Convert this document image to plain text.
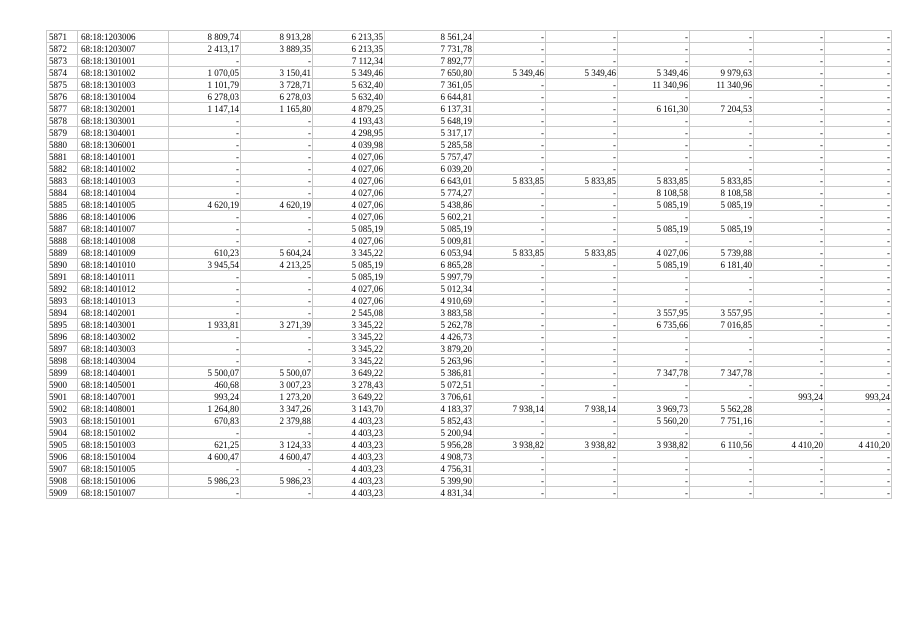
5871	68:18:1203006	8 809,74	8 913,28	6 213,35	8 561,24	-	-	-	-	-	-
5872	68:18:1203007	2 413,17	3 889,35	6 213,35	7 731,78	-	-	-	-	-	-
5873	68:18:1301001	-	-	7 112,34	7 892,77	-	-	-	-	-	-
5874	68:18:1301002	1 070,05	3 150,41	5 349,46	7 650,80	5 349,46	5 349,46	5 349,46	9 979,63	-	-
5875	68:18:1301003	1 101,79	3 728,71	5 632,40	7 361,05	-	-	11 340,96	11 340,96	-	-
5876	68:18:1301004	6 278,03	6 278,03	5 632,40	6 644,81	-	-	-	-	-	-
5877	68:18:1302001	1 147,14	1 165,80	4 879,25	6 137,31	-	-	6 161,30	7 204,53	-	-
5878	68:18:1303001	-	-	4 193,43	5 648,19	-	-	-	-	-	-
5879	68:18:1304001	-	-	4 298,95	5 317,17	-	-	-	-	-	-
5880	68:18:1306001	-	-	4 039,98	5 285,58	-	-	-	-	-	-
5881	68:18:1401001	-	-	4 027,06	5 757,47	-	-	-	-	-	-
5882	68:18:1401002	-	-	4 027,06	6 039,20	-	-	-	-	-	-
5883	68:18:1401003	-	-	4 027,06	6 643,01	5 833,85	5 833,85	5 833,85	5 833,85	-	-
5884	68:18:1401004	-	-	4 027,06	5 774,27	-	-	8 108,58	8 108,58	-	-
5885	68:18:1401005	4 620,19	4 620,19	4 027,06	5 438,86	-	-	5 085,19	5 085,19	-	-
5886	68:18:1401006	-	-	4 027,06	5 602,21	-	-	-	-	-	-
5887	68:18:1401007	-	-	5 085,19	5 085,19	-	-	5 085,19	5 085,19	-	-
5888	68:18:1401008	-	-	4 027,06	5 009,81	-	-	-	-	-	-
5889	68:18:1401009	610,23	5 604,24	3 345,22	6 053,94	5 833,85	5 833,85	4 027,06	5 739,88	-	-
5890	68:18:1401010	3 945,54	4 213,25	5 085,19	6 865,28	-	-	5 085,19	6 181,40	-	-
5891	68:18:1401011	-	-	5 085,19	5 997,79	-	-	-	-	-	-
5892	68:18:1401012	-	-	4 027,06	5 012,34	-	-	-	-	-	-
5893	68:18:1401013	-	-	4 027,06	4 910,69	-	-	-	-	-	-
5894	68:18:1402001	-	-	2 545,08	3 883,58	-	-	3 557,95	3 557,95	-	-
5895	68:18:1403001	1 933,81	3 271,39	3 345,22	5 262,78	-	-	6 735,66	7 016,85	-	-
5896	68:18:1403002	-	-	3 345,22	4 426,73	-	-	-	-	-	-
5897	68:18:1403003	-	-	3 345,22	3 879,20	-	-	-	-	-	-
5898	68:18:1403004	-	-	3 345,22	5 263,96	-	-	-	-	-	-
5899	68:18:1404001	5 500,07	5 500,07	3 649,22	5 386,81	-	-	7 347,78	7 347,78	-	-
5900	68:18:1405001	460,68	3 007,23	3 278,43	5 072,51	-	-	-	-	-	-
5901	68:18:1407001	993,24	1 273,20	3 649,22	3 706,61	-	-	-	-	993,24	993,24
5902	68:18:1408001	1 264,80	3 347,26	3 143,70	4 183,37	7 938,14	7 938,14	3 969,73	5 562,28	-	-
5903	68:18:1501001	670,83	2 379,88	4 403,23	5 852,43	-	-	5 560,20	7 751,16	-	-
5904	68:18:1501002	-	-	4 403,23	5 200,94	-	-	-	-	-	-
5905	68:18:1501003	621,25	3 124,33	4 403,23	5 956,28	3 938,82	3 938,82	3 938,82	6 110,56	4 410,20	4 410,20
5906	68:18:1501004	4 600,47	4 600,47	4 403,23	4 908,73	-	-	-	-	-	-
5907	68:18:1501005	-	-	4 403,23	4 756,31	-	-	-	-	-	-
5908	68:18:1501006	5 986,23	5 986,23	4 403,23	5 399,90	-	-	-	-	-	-
5909	68:18:1501007	-	-	4 403,23	4 831,34	-	-	-	-	-	-
